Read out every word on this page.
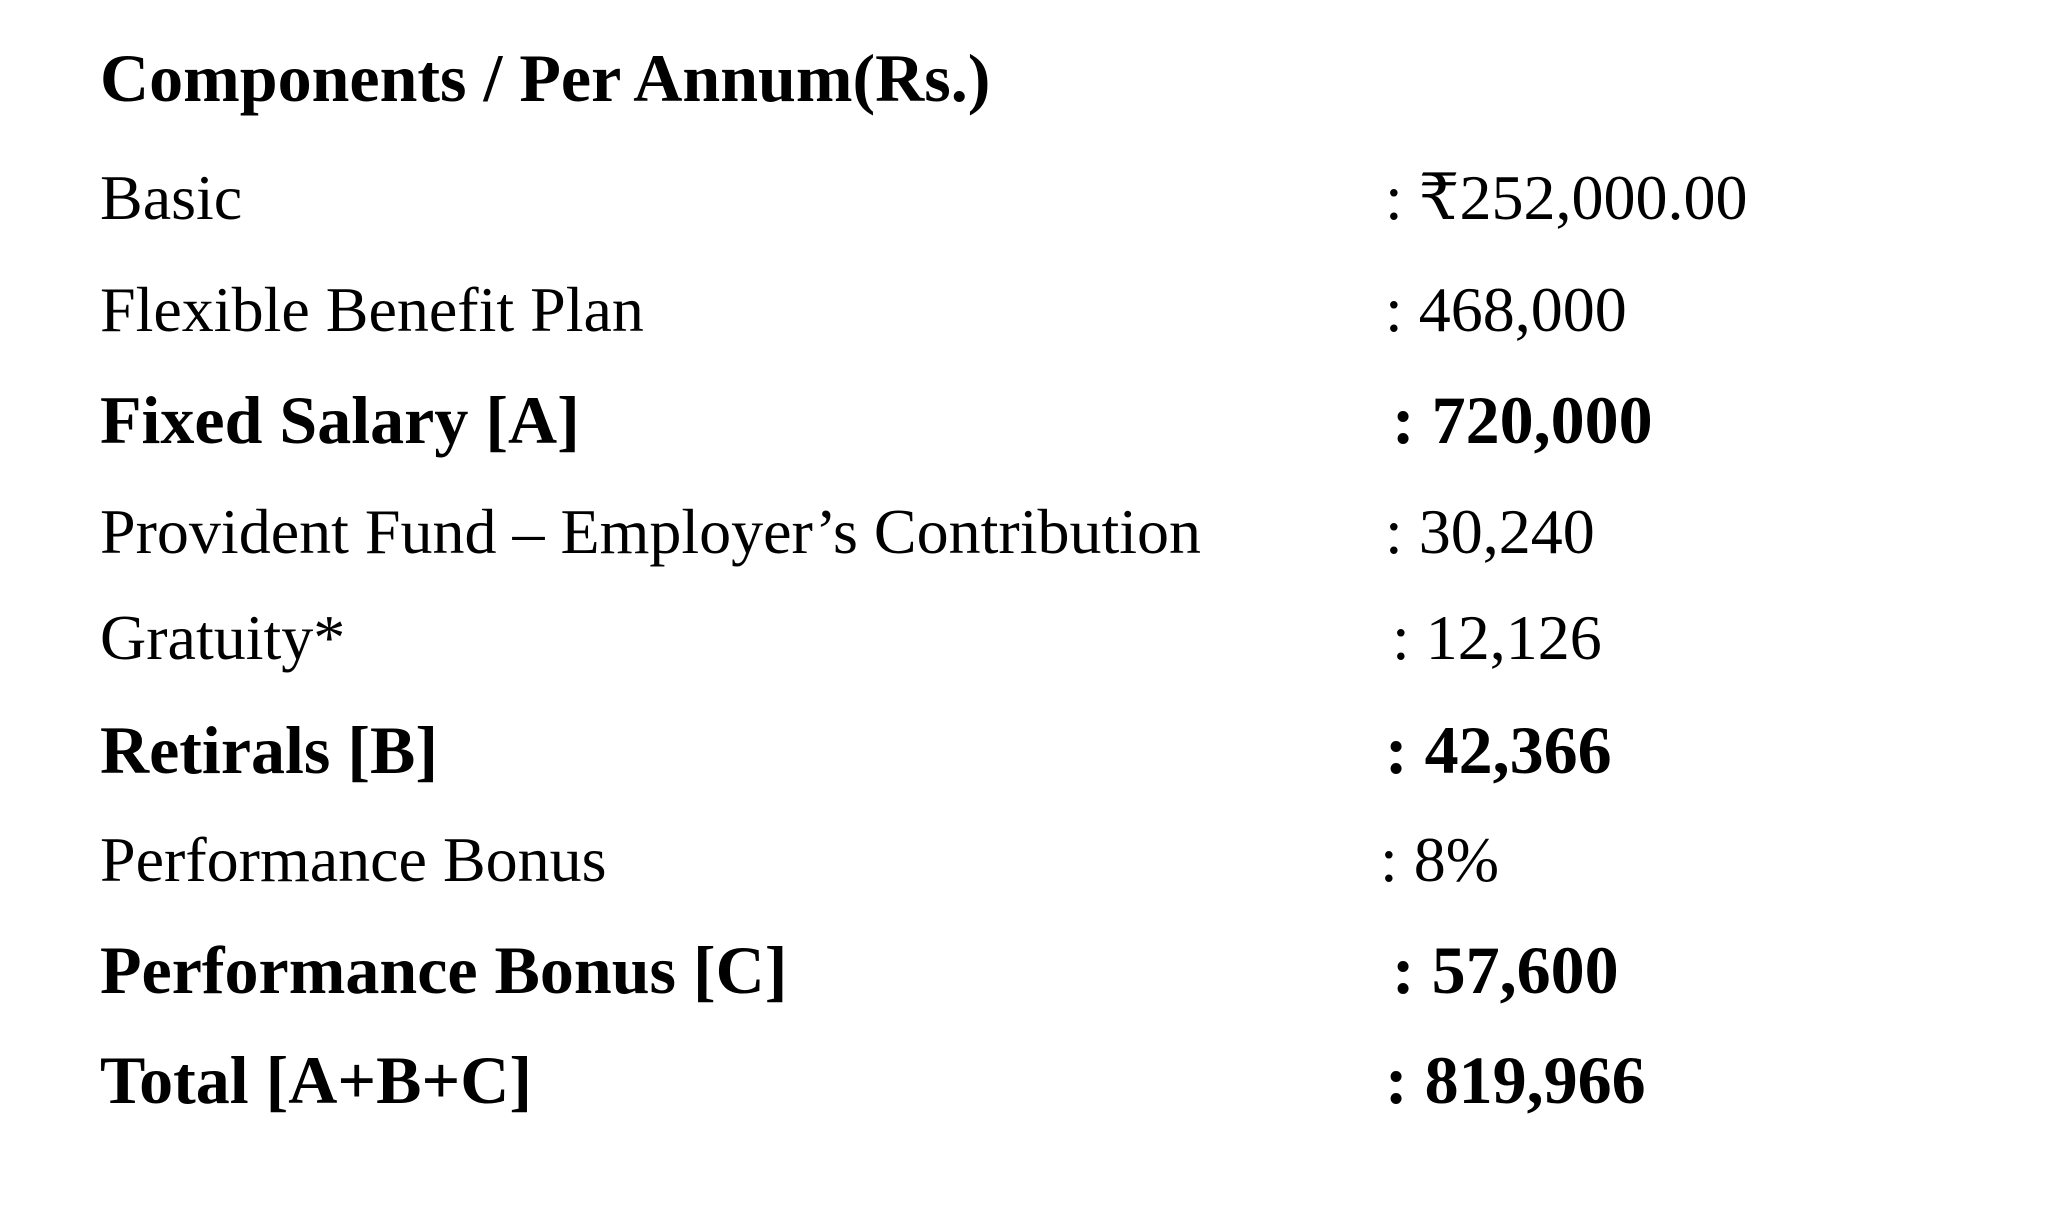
Components / Per Annum(Rs.)
Basic	: ₹252,000.00
Flexible Benefit Plan	: 468,000
Fixed Salary [A]	: 720,000
Provident Fund – Employer’s Contribution	: 30,240
Gratuity*	: 12,126
Retirals [B]	: 42,366
Performance Bonus	: 8%
Performance Bonus [C]	: 57,600
Total [A+B+C]	: 819,966
